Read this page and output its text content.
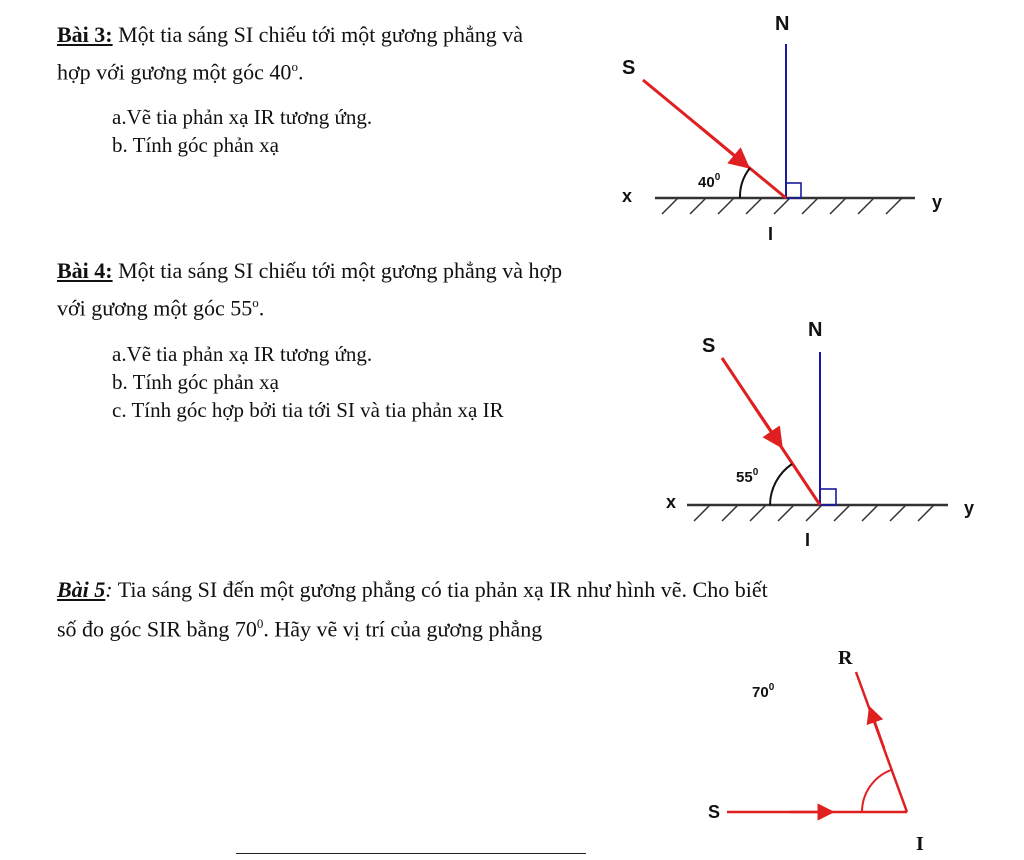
Bài 3: Một tia sáng SI chiếu tới một gương phẳng và
hợp với gương một góc 40$^o$.
a.Vẽ tia phản xạ IR tương ứng.
b. Tính góc phản xạ
Bài 4: Một tia sáng SI chiếu tới một gương phẳng và hợp
với gương một góc 55$^o$.
a.Vẽ tia phản xạ IR tương ứng.
b. Tính góc phản xạ
c. Tính góc hợp bởi tia tới SI và tia phản xạ IR
Bài 5: Tia sáng SI đến một gương phẳng có tia phản xạ IR như hình vẽ. Cho biết
số đo góc SIR bằng $70^0$. Hãy vẽ vị trí của gương phẳng
N
S
x	y
I
$40^0$
N
S
x	y
I
$55^0$
R
S
I
$70^0$
